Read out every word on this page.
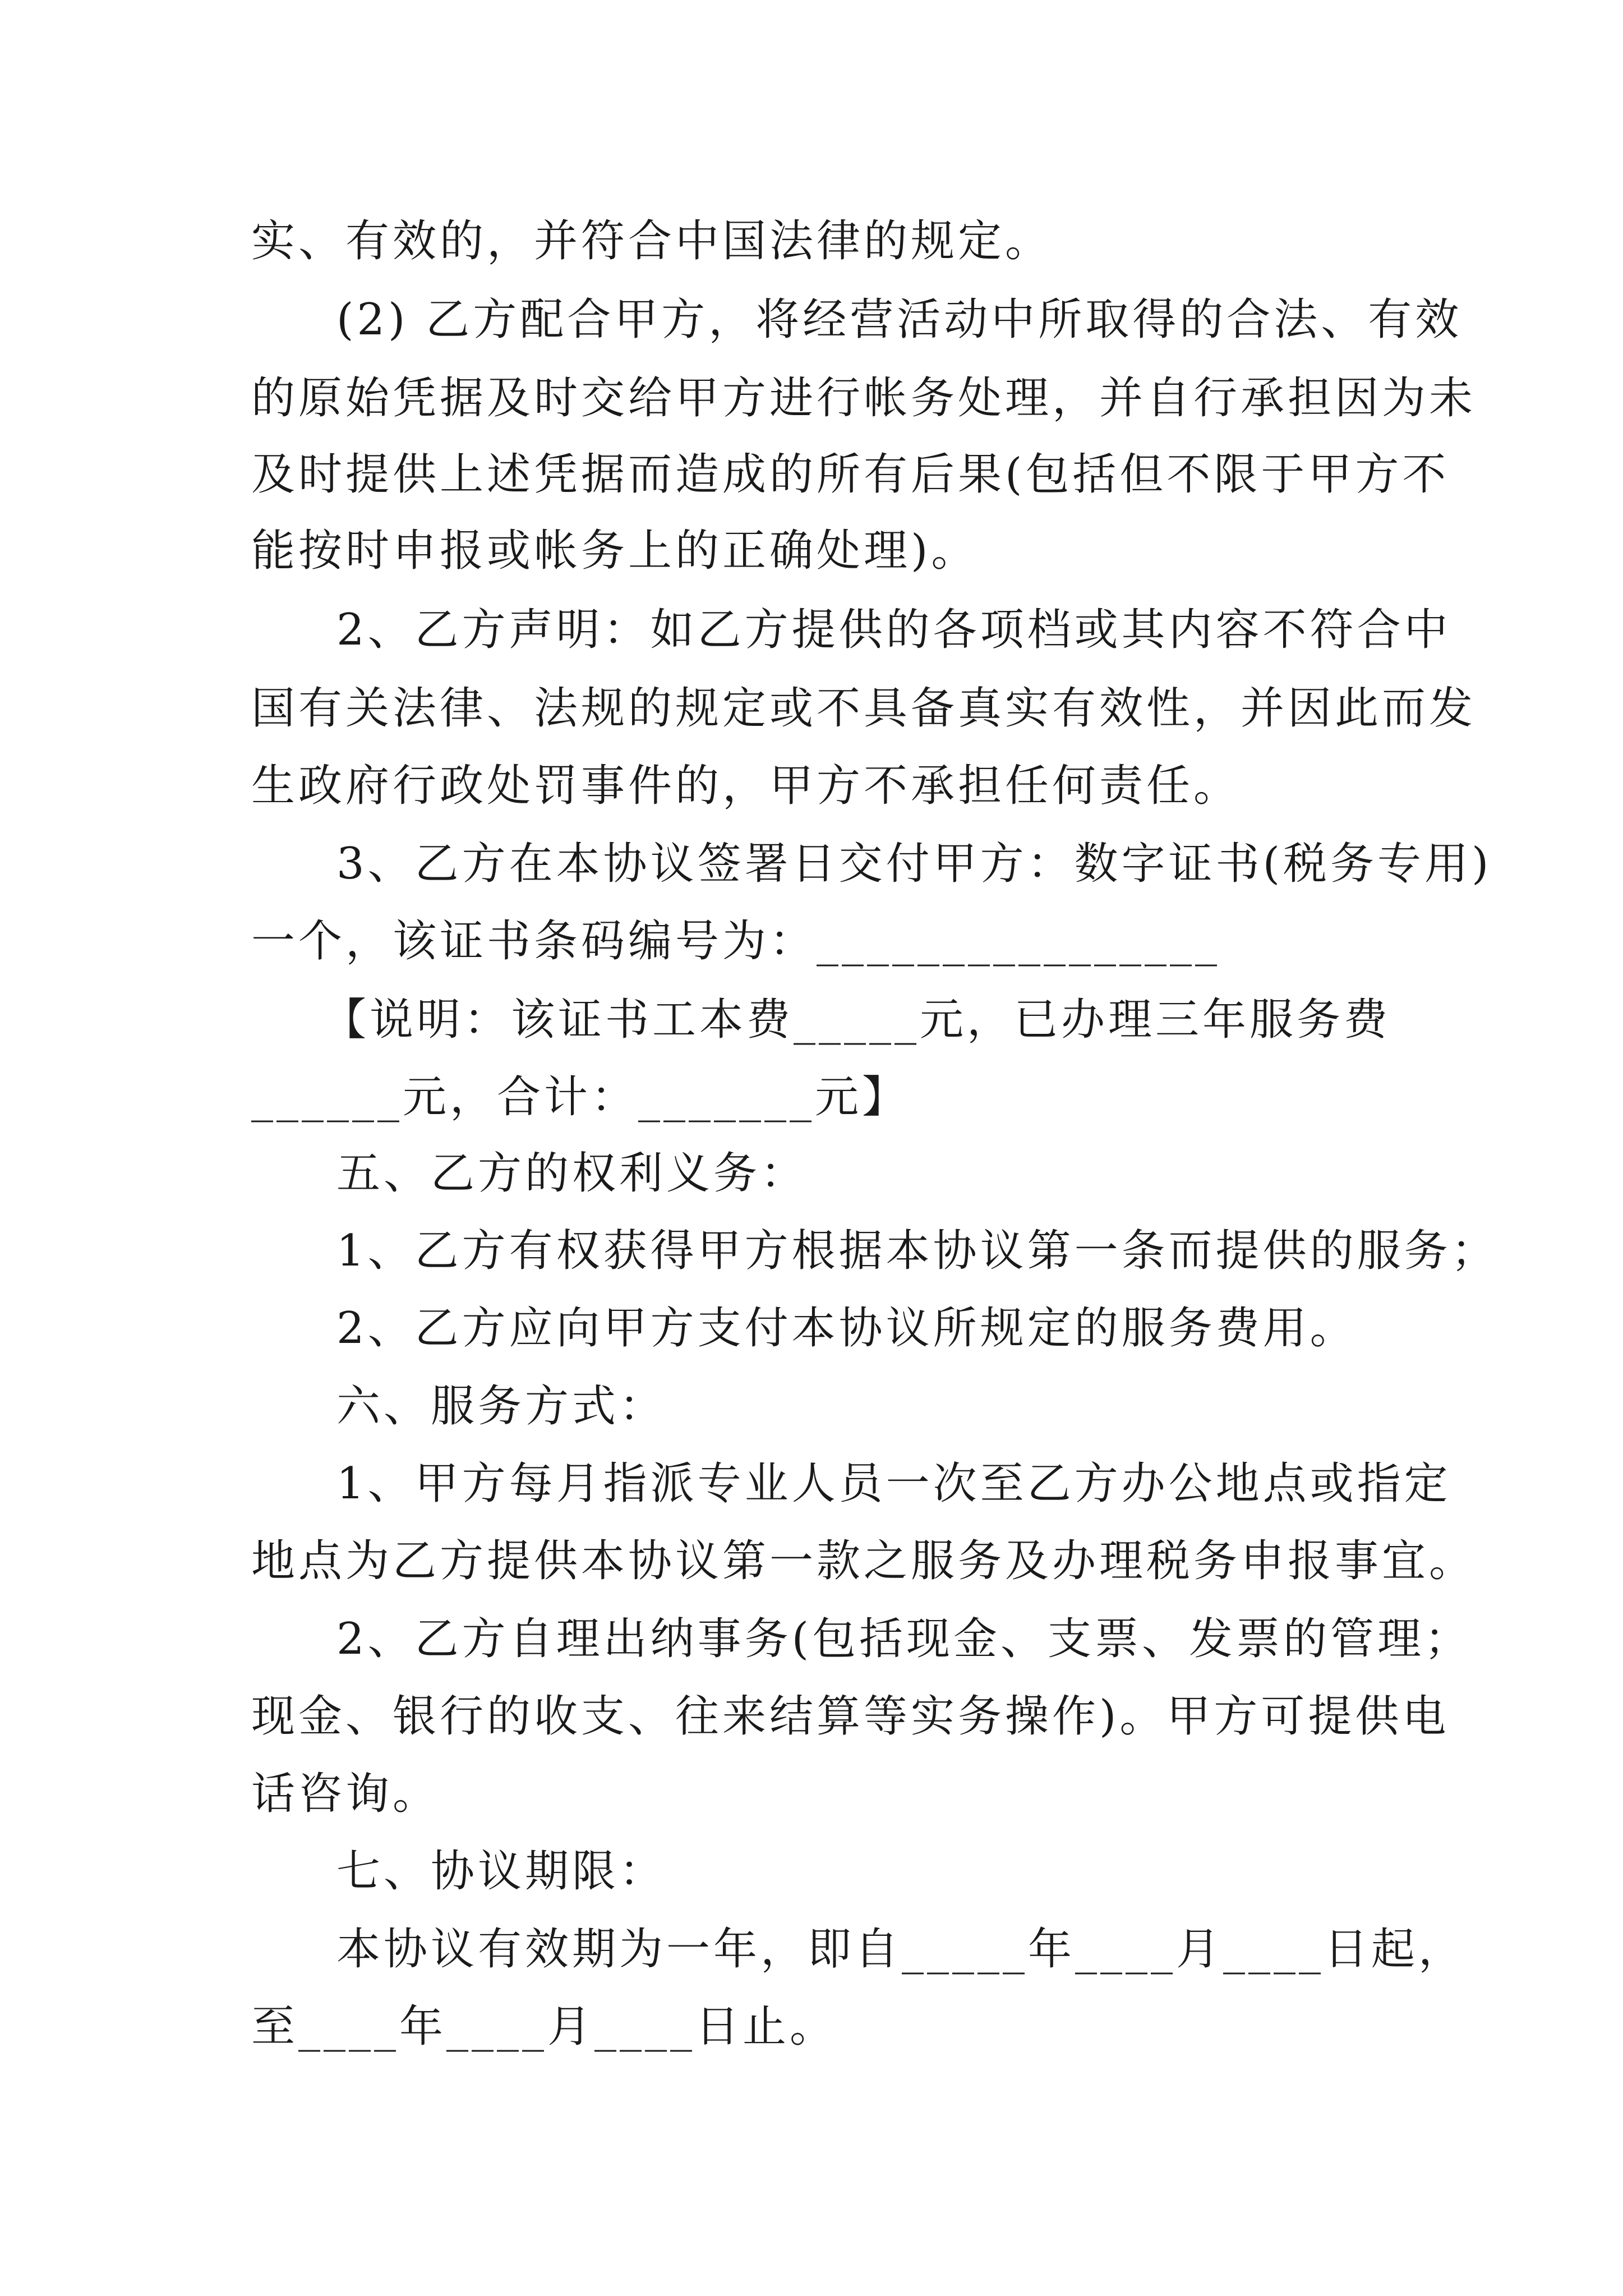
实、有效的，并符合中国法律的规定。

(2) 乙方配合甲方，将经营活动中所取得的合法、有效

的原始凭据及时交给甲方进行帐务处理，并自行承担因为未

及时提供上述凭据而造成的所有后果(包括但不限于甲方不

能按时申报或帐务上的正确处理)。

2、乙方声明：如乙方提供的各项档或其内容不符合中

国有关法律、法规的规定或不具备真实有效性，并因此而发

生政府行政处罚事件的，甲方不承担任何责任。

3、乙方在本协议签署日交付甲方：数字证书(税务专用)

一个，该证书条码编号为：________________

【说明：该证书工本费_____元，已办理三年服务费

______元，合计：_______元】

五、乙方的权利义务：

1、乙方有权获得甲方根据本协议第一条而提供的服务；

2、乙方应向甲方支付本协议所规定的服务费用。

六、服务方式：

1、甲方每月指派专业人员一次至乙方办公地点或指定

地点为乙方提供本协议第一款之服务及办理税务申报事宜。

2、乙方自理出纳事务(包括现金、支票、发票的管理；

现金、银行的收支、往来结算等实务操作)。甲方可提供电

话咨询。

七、协议期限：

本协议有效期为一年，即自_____年____月____日起，

至____年____月____日止。
